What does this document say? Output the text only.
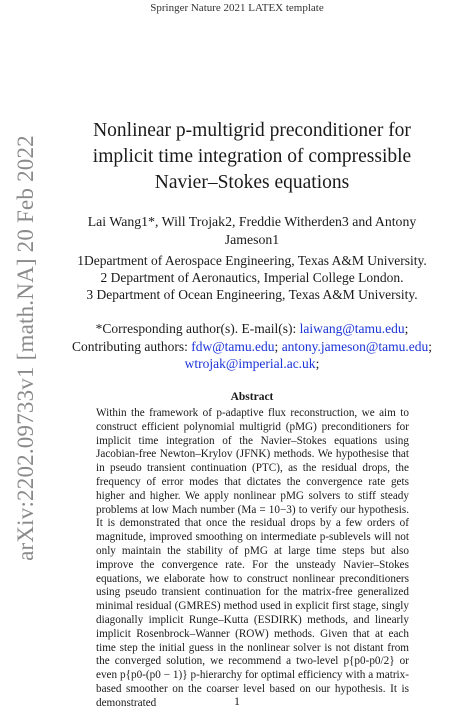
Springer Nature 2021 LATEX template
arXiv:2202.09733v1 [math.NA] 20 Feb 2022
Nonlinear p-multigrid preconditioner for implicit time integration of compressible Navier–Stokes equations
Lai Wang1*, Will Trojak2, Freddie Witherden3 and Antony Jameson1
1Department of Aerospace Engineering, Texas A&M University.
2 Department of Aeronautics, Imperial College London.
3 Department of Ocean Engineering, Texas A&M University.
*Corresponding author(s). E-mail(s): laiwang@tamu.edu;
Contributing authors: fdw@tamu.edu; antony.jameson@tamu.edu;
wtrojak@imperial.ac.uk;
Abstract
Within the framework of p-adaptive flux reconstruction, we aim to construct efficient polynomial multigrid (pMG) preconditioners for implicit time integration of the Navier–Stokes equations using Jacobian-free Newton–Krylov (JFNK) methods. We hypothesise that in pseudo transient continuation (PTC), as the residual drops, the frequency of error modes that dictates the convergence rate gets higher and higher. We apply nonlinear pMG solvers to stiff steady problems at low Mach number (Ma = 10−3) to verify our hypothesis. It is demonstrated that once the residual drops by a few orders of magnitude, improved smoothing on intermediate p-sublevels will not only maintain the stability of pMG at large time steps but also improve the convergence rate. For the unsteady Navier–Stokes equations, we elaborate how to construct nonlinear preconditioners using pseudo transient continuation for the matrix-free generalized minimal residual (GMRES) method used in explicit first stage, singly diagonally implicit Runge–Kutta (ESDIRK) methods, and linearly implicit Rosenbrock–Wanner (ROW) methods. Given that at each time step the initial guess in the nonlinear solver is not distant from the converged solution, we recommend a two-level p{p0-p0/2} or even p{p0-(p0 − 1)} p-hierarchy for optimal efficiency with a matrix-based smoother on the coarser level based on our hypothesis. It is demonstrated	1
